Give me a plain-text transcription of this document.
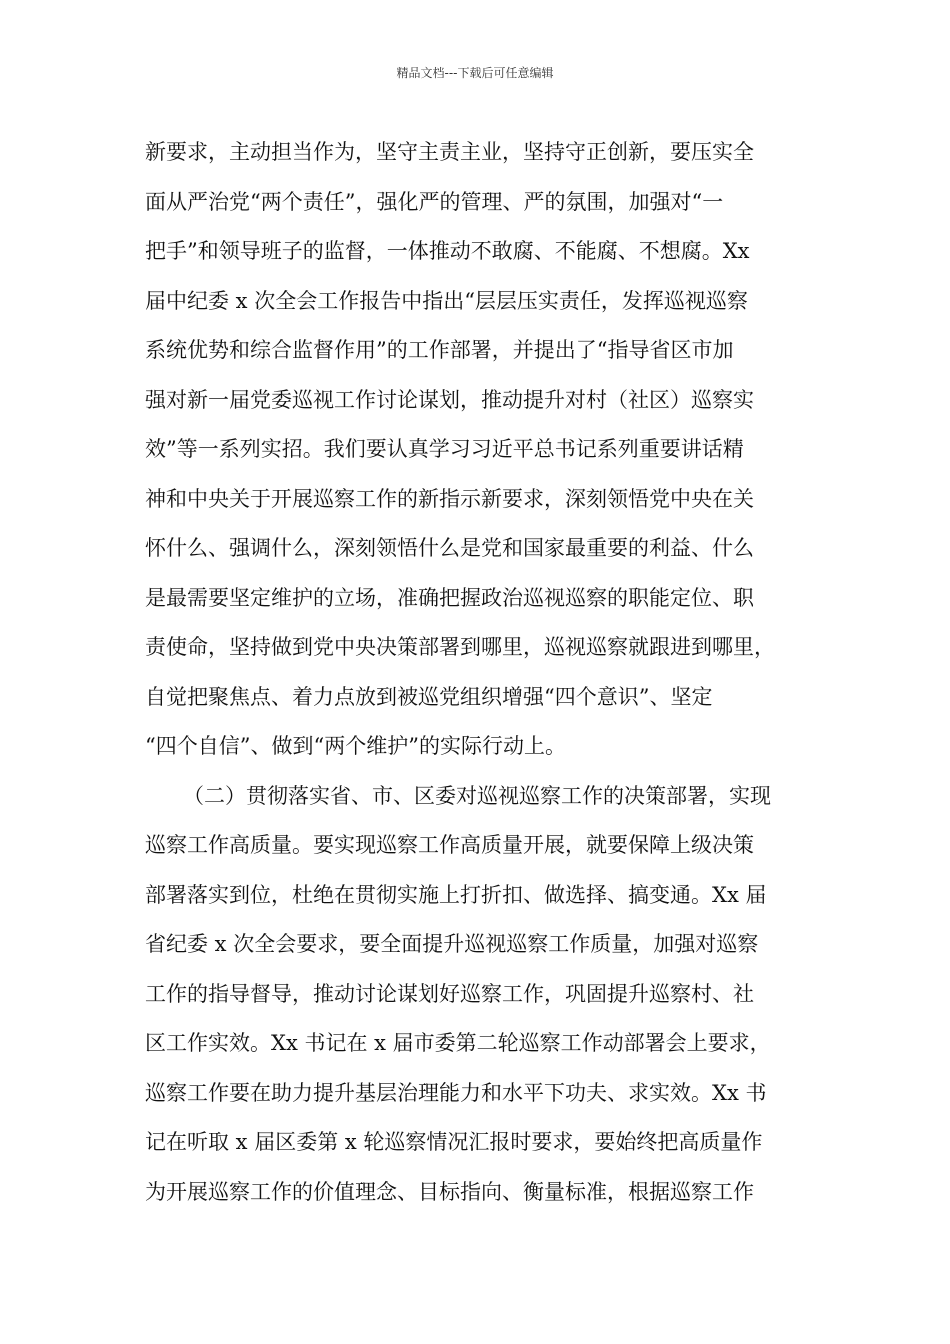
精品文档---下载后可任意编辑
新要求，主动担当作为，坚守主责主业，坚持守正创新，要压实全
面从严治党“两个责任”，强化严的管理、严的氛围，加强对“一
把手”和领导班子的监督，一体推动不敢腐、不能腐、不想腐。Xx
届中纪委 x 次全会工作报告中指出“层层压实责任，发挥巡视巡察
系统优势和综合监督作用”的工作部署，并提出了“指导省区市加
强对新一届党委巡视工作讨论谋划，推动提升对村（社区）巡察实
效”等一系列实招。我们要认真学习习近平总书记系列重要讲话精
神和中央关于开展巡察工作的新指示新要求，深刻领悟党中央在关
怀什么、强调什么，深刻领悟什么是党和国家最重要的利益、什么
是最需要坚定维护的立场，准确把握政治巡视巡察的职能定位、职
责使命，坚持做到党中央决策部署到哪里，巡视巡察就跟进到哪里，
自觉把聚焦点、着力点放到被巡党组织增强“四个意识”、坚定
“四个自信”、做到“两个维护”的实际行动上。
（二）贯彻落实省、市、区委对巡视巡察工作的决策部署，实现
巡察工作高质量。要实现巡察工作高质量开展，就要保障上级决策
部署落实到位，杜绝在贯彻实施上打折扣、做选择、搞变通。Xx 届
省纪委 x 次全会要求，要全面提升巡视巡察工作质量，加强对巡察
工作的指导督导，推动讨论谋划好巡察工作，巩固提升巡察村、社
区工作实效。Xx 书记在 x 届市委第二轮巡察工作动部署会上要求，
巡察工作要在助力提升基层治理能力和水平下功夫、求实效。Xx 书
记在听取 x 届区委第 x 轮巡察情况汇报时要求，要始终把高质量作
为开展巡察工作的价值理念、目标指向、衡量标准，根据巡察工作
